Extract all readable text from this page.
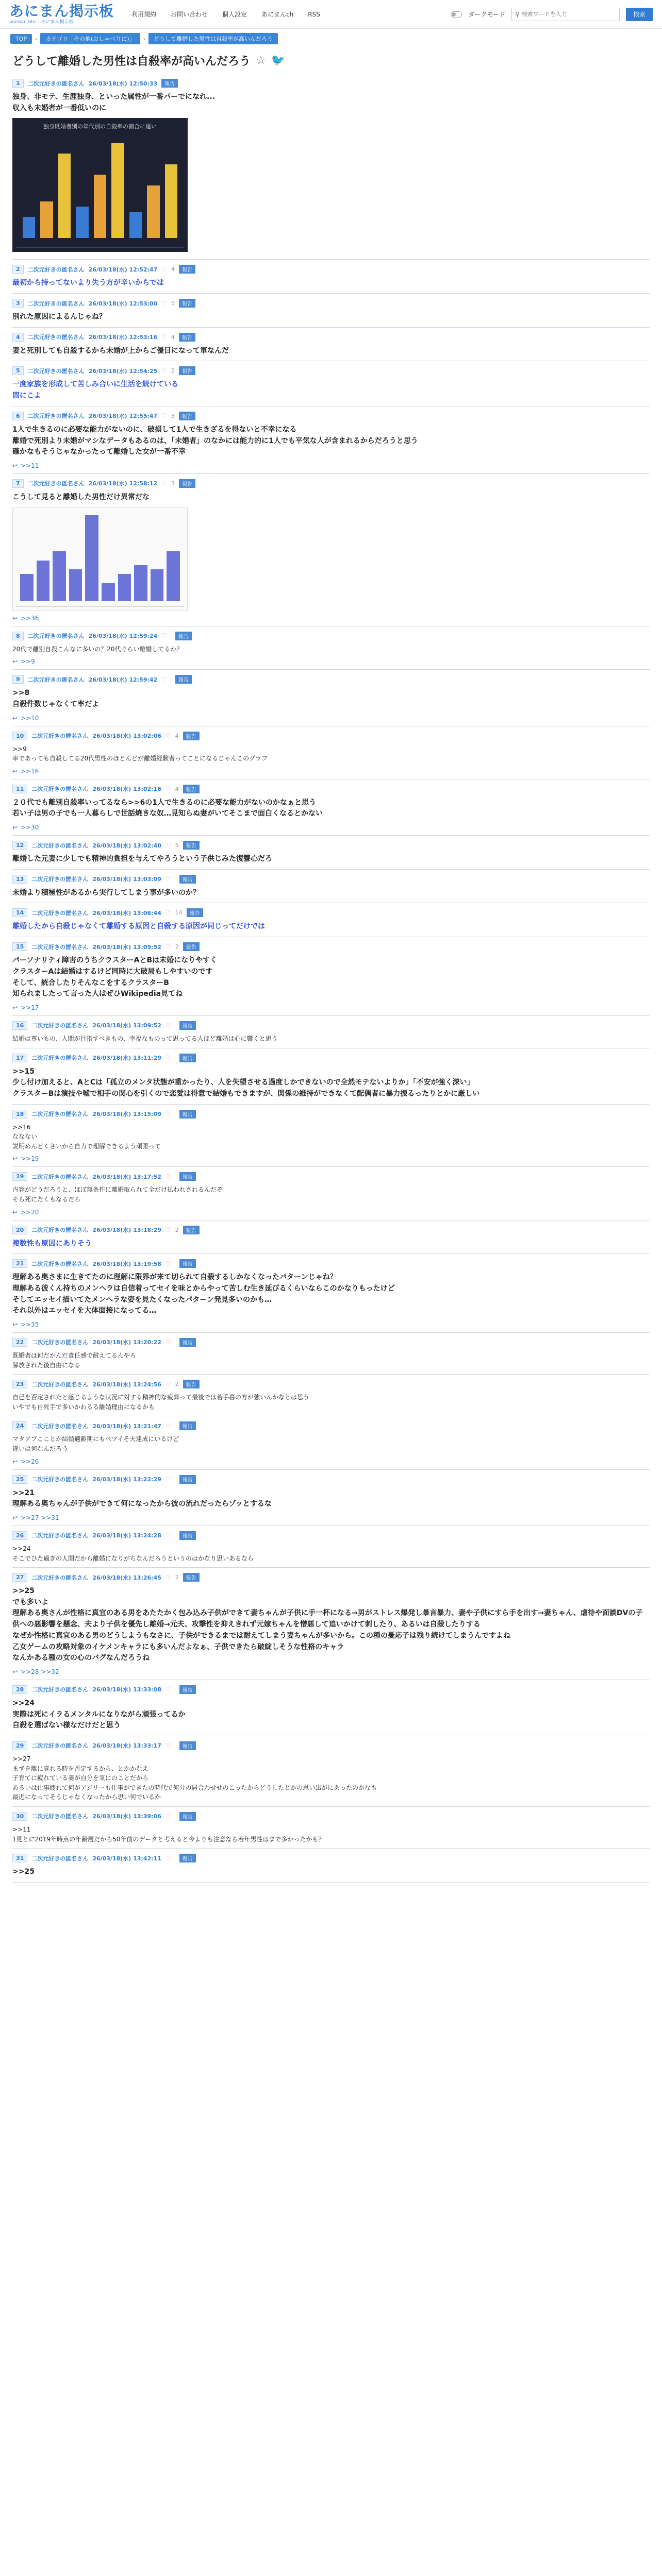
あにまん掲示板
animan bbs｜あにまん掲示板
利用規約 お問い合わせ 個人設定 あにまんch RSS	ダークモード ⚲
検索ワードを入力	検索
TOP	›	カテゴリ「その他(おしゃべりに)」	›	どうして離婚した男性は自殺率が高いんだろう
どうして離婚した男性は自殺率が高いんだろう ☆ 🐦
1	二次元好きの匿名さん 26/03/18(水) 12:50:33	報告
独身、非モテ、生涯独身、といった属性が一番パーでになれ...
収入も未婚者が一番低いのに
独身既婚者別の年代別の自殺率の割合に違い
2	二次元好きの匿名さん 26/03/18(水) 12:52:47 ♡ 4	報告
最初から持ってないより失う方が辛いからでは
3	二次元好きの匿名さん 26/03/18(水) 12:53:00 ♡ 5	報告
別れた原因によるんじゃね？
4	二次元好きの匿名さん 26/03/18(水) 12:53:16 ♡ 4	報告
妻と死別しても自殺するから未婚が上からご優目になって軍なんだ
5	二次元好きの匿名さん 26/03/18(水) 12:54:25 ♡ 2	報告
一度家族を形成して苦しみ合いに生活を続けている
間にこよ
6	二次元好きの匿名さん 26/03/18(水) 12:55:47 ♡ 3	報告
1人で生きるのに必要な能力がないのに、破損して1人で生きざるを得ないと不幸になる
離婚で死別より未婚がマシなデータもあるのは、「未婚者」のなかには能力的に1人でも平気な人が含まれるからだろうと思う
確かなもそうじゃなかったって離婚した女が一番不幸
↩ >>11
7	二次元好きの匿名さん 26/03/18(水) 12:58:12 ♡ 3	報告
こうして見ると離婚した男性だけ異常だな
↩ >>36
8	二次元好きの匿名さん 26/03/18(水) 12:59:24 ♡	報告
20代で離別自殺こんなに多いの？20代ぐらい離婚してるか？
↩ >>9
9	二次元好きの匿名さん 26/03/18(水) 12:59:42 ♡	報告
>>8
自殺件数じゃなくて率だよ
↩ >>10
10	二次元好きの匿名さん 26/03/18(水) 13:02:06 ♡ 4	報告
>>9
率であっても自殺してる20代男性のほとんどが離婚経験者ってことになるじゃんこのグラフ
↩ >>16
11	二次元好きの匿名さん 26/03/18(水) 13:02:16 ♡ 4	報告
２０代でも離別自殺率いってるなら>>6の1人で生きるのに必要な能力がないのかなぁと思う
若い子は男の子でも一人暮らしで世話焼きな奴…見知らぬ妻がいてそこまで面白くなるとかない
↩ >>30
12	二次元好きの匿名さん 26/03/18(水) 13:02:40 ♡ 5	報告
離婚した元妻に少しでも精神的負担を与えてやろうという子供じみた復讐心だろ
13	二次元好きの匿名さん 26/03/18(水) 13:03:09 ♡	報告
未婚より積極性があるから実行してしまう事が多いのか？
14	二次元好きの匿名さん 26/03/18(水) 13:06:44 ♡ 14	報告
離婚したから自殺じゃなくて離婚する原因と自殺する原因が同じってだけでは
15	二次元好きの匿名さん 26/03/18(水) 13:09:52 ♡ 2	報告
パーソナリティ障害のうちクラスターAとBは未婚になりやすく
クラスターAは結婚はするけど同時に大破局もしやすいのです
そして、統合したりそんなこをするクラスターB
知られましたって言った人はぜひWikipedia見てね
↩ >>17
16	二次元好きの匿名さん 26/03/18(水) 13:09:52 ♡	報告
結婚は尊いもの、人間が目指すべきもの、幸福なものって思ってる人ほど離婚は心に響くと思う
17	二次元好きの匿名さん 26/03/18(水) 13:11:29 ♡	報告
>>15
少し付け加えると、AとCは「孤立のメンタ状態が重かったり、人を失望させる過度しかできないので全然モテないよりか」「不安が強く深い」
クラスターBは演技や嘘で相手の関心を引くので恋愛は得意で結婚もできますが、関係の維持ができなくて配偶者に暴力振るったりとかに厳しい
18	二次元好きの匿名さん 26/03/18(水) 13:15:09 ♡	報告
>>16
ななない
説明めんどくさいから自力で理解できるよう頑張って
↩ >>19
19	二次元好きの匿名さん 26/03/18(水) 13:17:52 ♡	報告
内容がどうだろうと、ほぼ無条件に離婚取られて全だけ払われされるんだぞ
そら死にたくもなるだろ
↩ >>20
20	二次元好きの匿名さん 26/03/18(水) 13:18:29 ♡ 2	報告
複数性も原因にありそう
21	二次元好きの匿名さん 26/03/18(水) 13:19:58 ♡	報告
理解ある奥さまに生きてたのに理解に限界が来て切られて自殺するしかなくなったパターンじゃね？
理解ある彼くん持ちのメンヘラは自信着ってセイを味とからやって苦しむ生き延びるくらいならこのかなりもったけど
そしてエッセイ描いてたメンヘラな姿を見たくなったパターン発見多いのかも…
それ以外はエッセイを大体面接になってる…
↩ >>35
22	二次元好きの匿名さん 26/03/18(水) 13:20:22 ♡	報告
既婚者は何だかんだ責任感で耐えてるんやろ
解放された後自由になる
23	二次元好きの匿名さん 26/03/18(水) 13:24:56 ♡ 2	報告
自己を否定されたと感じるような状況に対する精神的な疲弊って最後では若手暮の方が強いんかなとは思う
いやでも自死手で多いかわるる離婚理由になるかも
24	二次元好きの匿名さん 26/03/18(水) 13:21:47 ♡	報告
マタアブこことか結婚適齢期にもベツイそ夫達成にいるけど
違いは何なんだろう
↩ >>26
25	二次元好きの匿名さん 26/03/18(水) 13:22:29 ♡	報告
>>21
理解ある奥ちゃんが子供ができて何になったから彼の流れだったらゾッとするな
↩ >>27 >>31
26	二次元好きの匿名さん 26/03/18(水) 13:24:28 ♡	報告
>>24
そこでひた過ぎの人間だから離婚になりがちなんだろうというのはかなり思いあるなら
27	二次元好きの匿名さん 26/03/18(水) 13:26:45 ♡ 2	報告
>>25
でも多いよ
理解ある奥さんが性格に真宜のある男をあたたかく包み込み子供ができて妻ちゃんが子供に手一杯になる→男がストレス爆発し暴言暴力、妻や子供にすら手を出す→妻ちゃん、虐待や面談DVの子供への悪影響を懸念、夫より子供を優先し離婚→元夫、攻撃性を抑えきれず元嫁ちゃんを憎悪して追いかけて刺したり、あるいは自殺したりする
なぜか性格に真宜のある男のどうしようもなさに、子供ができるまでは耐えてしまう妻ちゃんが多いから。この種の憂応子は残り続けてしまうんですよね
乙女ゲームの攻略対象のイケメンキャラにも多いんだよなぁ、子供できたら破綻しそうな性格のキャラ
なんかある種の女の心のバグなんだろうね
↩ >>28 >>32
28	二次元好きの匿名さん 26/03/18(水) 13:33:08 ♡	報告
>>24
実際は死にイラるメンタルになりながら頑張ってるか
自殺を選ばない様なだけだと思う
29	二次元好きの匿名さん 26/03/18(水) 13:33:17 ♡	報告
>>27
まずを離に真れる時を否定するから、とかかなえ
子育てに疲れている妻が自分を気にのことだから
あるいは仕事疲れて何がアジリーも仕事ができたの時代で何分の居合わせせのこったからどうしたとかの思い出がにあったのかなも
最近になってそうじゃなくなったから思い何でいるか
30	二次元好きの匿名さん 26/03/18(水) 13:39:06 ♡	報告
>>11
1見とに2019年時点の年齢層だから50年前のデータと考えると今よりも注意なら若年男性はまで多かったかも？
31	二次元好きの匿名さん 26/03/18(水) 13:42:11 ♡	報告
>>25
